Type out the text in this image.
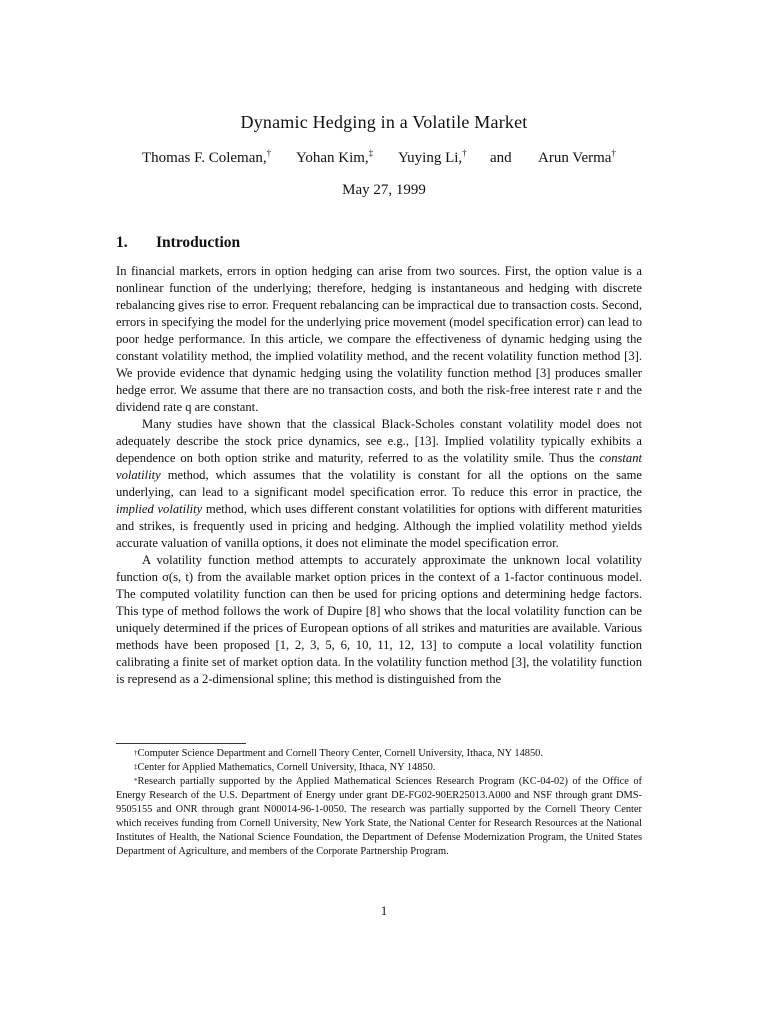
Dynamic Hedging in a Volatile Market
Thomas F. Coleman,† Yohan Kim,‡ Yuying Li,† and Arun Verma†
May 27, 1999
1. Introduction

In financial markets, errors in option hedging can arise from two sources. First, the option value is a nonlinear function of the underlying; therefore, hedging is instantaneous and hedging with discrete rebalancing gives rise to error. Frequent rebalancing can be impractical due to transaction costs. Second, errors in specifying the model for the underlying price movement (model specification error) can lead to poor hedge performance. In this article, we compare the effectiveness of dynamic hedging using the constant volatility method, the implied volatility method, and the recent volatility function method [3]. We provide evidence that dynamic hedging using the volatility function method [3] produces smaller hedge error. We assume that there are no transaction costs, and both the risk-free interest rate r and the dividend rate q are constant.

Many studies have shown that the classical Black-Scholes constant volatility model does not adequately describe the stock price dynamics, see e.g., [13]. Implied volatility typically exhibits a dependence on both option strike and maturity, referred to as the volatility smile. Thus the constant volatility method, which assumes that the volatility is constant for all the options on the same underlying, can lead to a significant model specification error. To reduce this error in practice, the implied volatility method, which uses different constant volatilities for options with different maturities and strikes, is frequently used in pricing and hedging. Although the implied volatility method yields accurate valuation of vanilla options, it does not eliminate the model specification error.

A volatility function method attempts to accurately approximate the unknown local volatility function σ(s, t) from the available market option prices in the context of a 1-factor continuous model. The computed volatility function can then be used for pricing options and determining hedge factors. This type of method follows the work of Dupire [8] who shows that the local volatility function can be uniquely determined if the prices of European options of all strikes and maturities are available. Various methods have been proposed [1, 2, 3, 5, 6, 10, 11, 12, 13] to compute a local volatility function calibrating a finite set of market option data. In the volatility function method [3], the volatility function is represend as a 2-dimensional spline; this method is distinguished from the

†Computer Science Department and Cornell Theory Center, Cornell University, Ithaca, NY 14850.

‡Center for Applied Mathematics, Cornell University, Ithaca, NY 14850.

*Research partially supported by the Applied Mathematical Sciences Research Program (KC-04-02) of the Office of Energy Research of the U.S. Department of Energy under grant DE-FG02-90ER25013.A000 and NSF through grant DMS-9505155 and ONR through grant N00014-96-1-0050. The research was partially supported by the Cornell Theory Center which receives funding from Cornell University, New York State, the National Center for Research Resources at the National Institutes of Health, the National Science Foundation, the Department of Defense Modernization Program, the United States Department of Agriculture, and members of the Corporate Partnership Program.

1
